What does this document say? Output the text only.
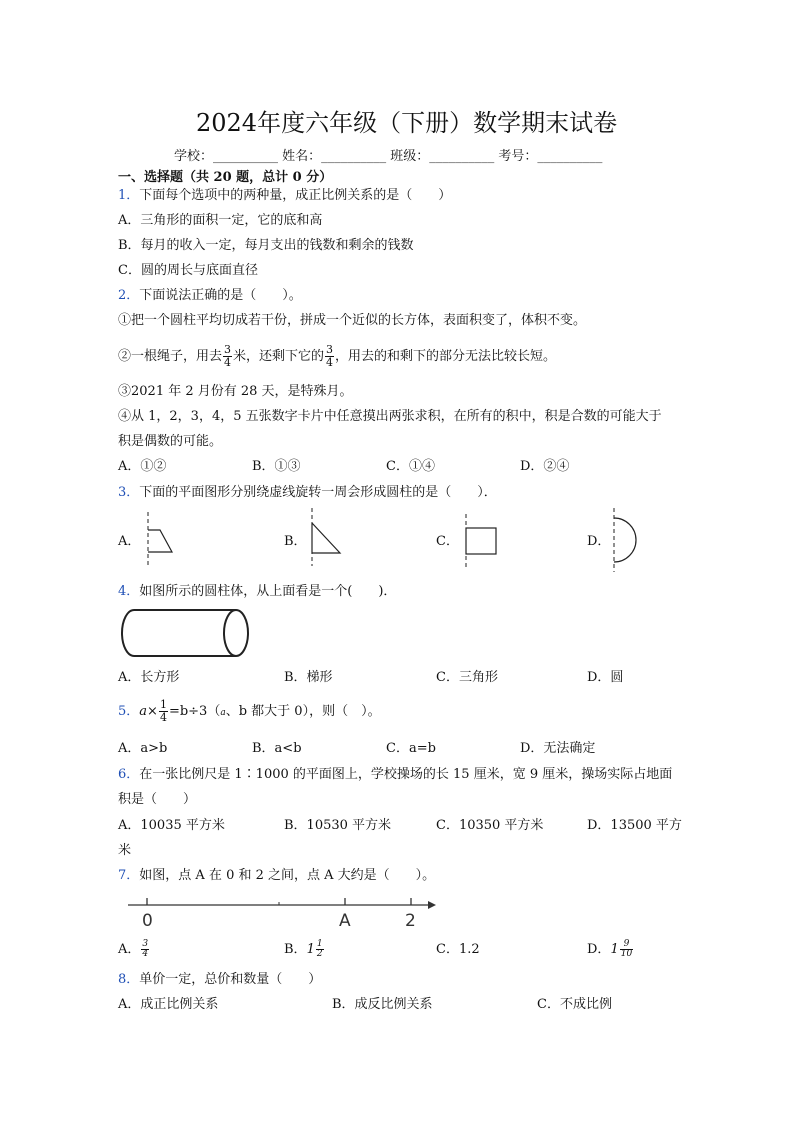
2024年度六年级（下册）数学期末试卷
学校：__________ 姓名：__________ 班级：__________ 考号：__________
一、选择题（共 20 题，总计 0 分）
1．下面每个选项中的两种量，成正比例关系的是（　　）
A．三角形的面积一定，它的底和高
B．每月的收入一定，每月支出的钱数和剩余的钱数
C．圆的周长与底面直径
2．下面说法正确的是（　　）。
①把一个圆柱平均切成若干份，拼成一个近似的长方体，表面积变了，体积不变。
②一根绳子，用去 $\frac{3}{4}$ 米，还剩下它的 $\frac{3}{4}$ ，用去的和剩下的部分无法比较长短。
③2021 年 2 月份有 28 天，是特殊月。
④从 1，2，3，4，5 五张数字卡片中任意摸出两张求积，在所有的积中，积是合数的可能大于
积是偶数的可能。
A．①②	B．①③	C．①④	D．②④
3．下面的平面图形分别绕虚线旋转一周会形成圆柱的是（　　）．
A．	B．	C．	D．
4．如图所示的圆柱体，从上面看是一个(　　)．
A．长方形	B．梯形	C．三角形	D．圆
5．$a\times \frac{1}{4} =b\div 3(a$、b 都大于 0），则（　）。
A．a>b	B．a<b	C．a=b	D．无法确定
6．在一张比例尺是 1∶1000 的平面图上，学校操场的长 15 厘米，宽 9 厘米，操场实际占地面
积是（　　）
A．10035 平方米	B．10530 平方米	C．10350 平方米	D．13500 平方
米
7．如图，点 A 在 0 和 2 之间，点 A 大约是（　　）。
0	A	2
A． $\frac{3}{4}$	B．$1 \frac{1}{2}$	C．1.2	D．$1 \frac{9}{10}$
8．单价一定，总价和数量（　　）
A．成正比例关系	B．成反比例关系	C．不成比例
